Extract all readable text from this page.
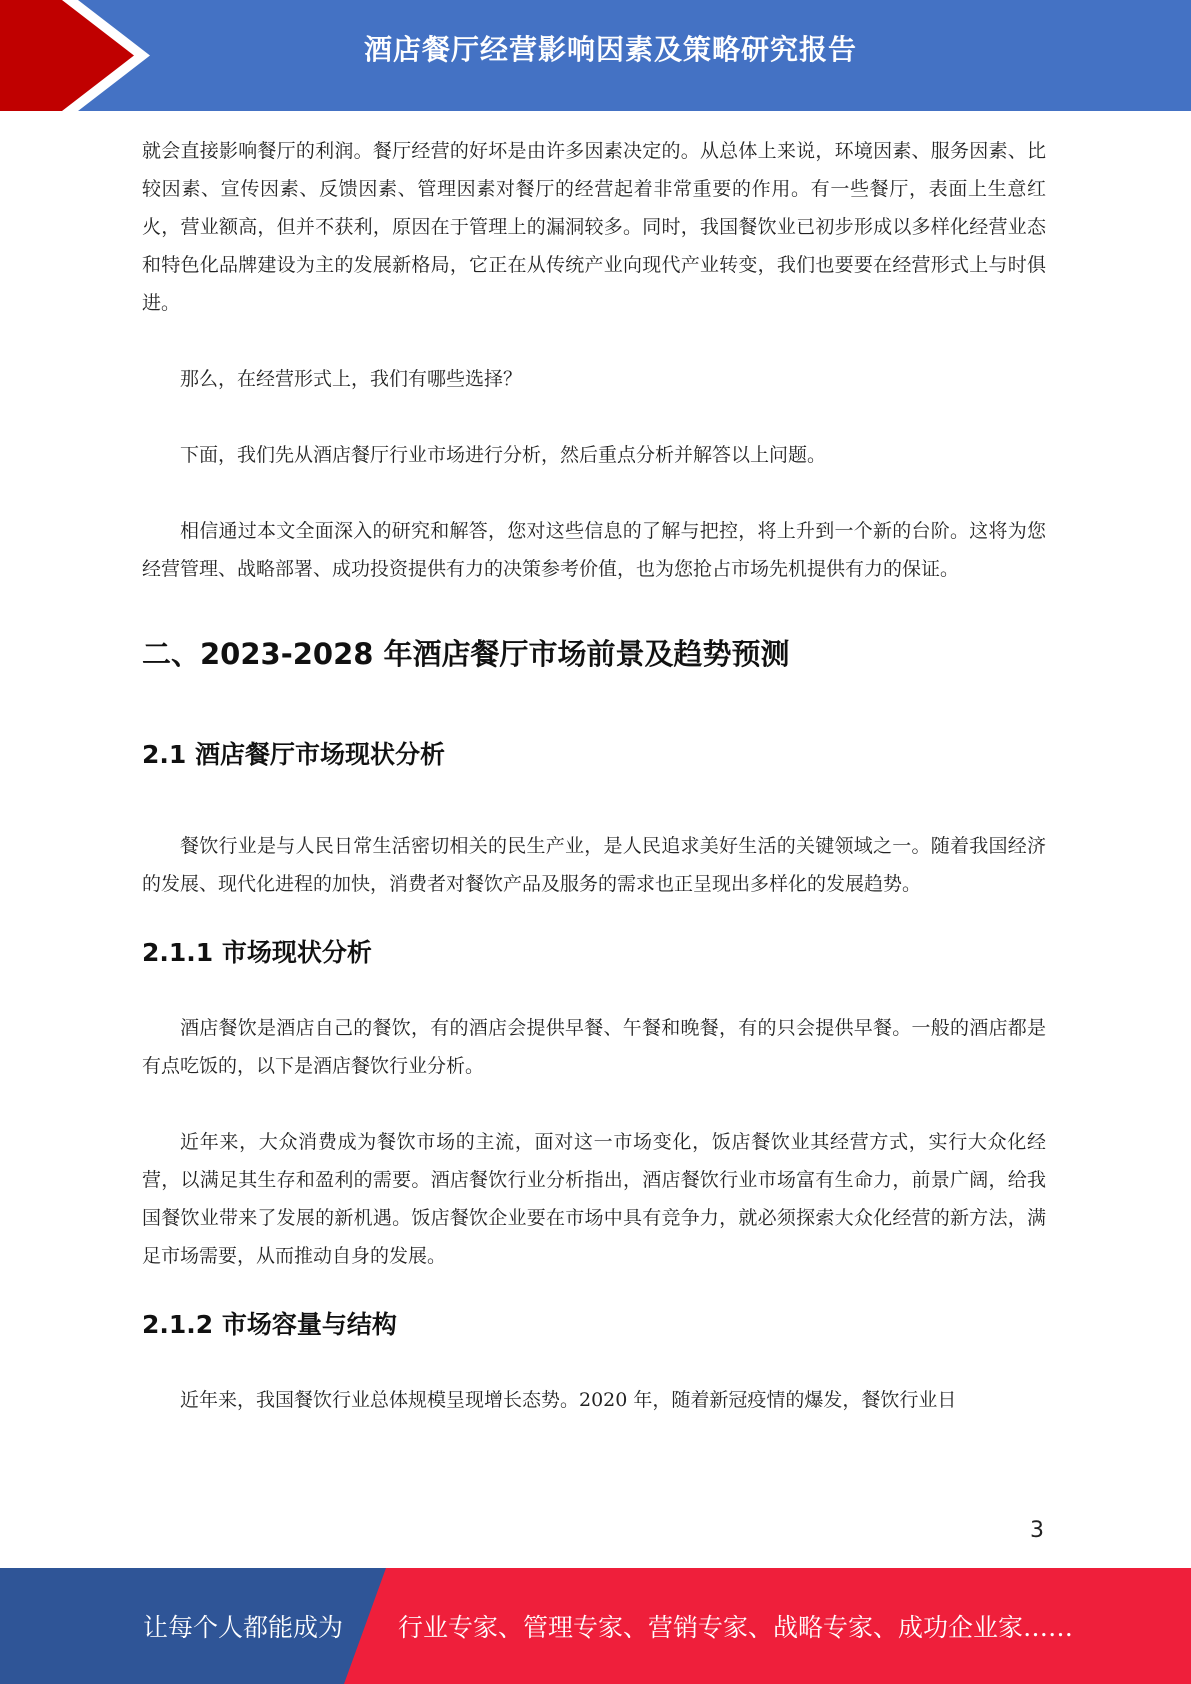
酒店餐厅经营影响因素及策略研究报告

就会直接影响餐厅的利润。餐厅经营的好坏是由许多因素决定的。从总体上来说，环境因素、服务因素、比较因素、宣传因素、反馈因素、管理因素对餐厅的经营起着非常重要的作用。有一些餐厅，表面上生意红火，营业额高，但并不获利，原因在于管理上的漏洞较多。同时，我国餐饮业已初步形成以多样化经营业态和特色化品牌建设为主的发展新格局，它正在从传统产业向现代产业转变，我们也要要在经营形式上与时俱进。

那么，在经营形式上，我们有哪些选择？

下面，我们先从酒店餐厅行业市场进行分析，然后重点分析并解答以上问题。

相信通过本文全面深入的研究和解答，您对这些信息的了解与把控，将上升到一个新的台阶。这将为您经营管理、战略部署、成功投资提供有力的决策参考价值，也为您抢占市场先机提供有力的保证。

二、2023-2028 年酒店餐厅市场前景及趋势预测
2.1 酒店餐厅市场现状分析

餐饮行业是与人民日常生活密切相关的民生产业，是人民追求美好生活的关键领域之一。随着我国经济的发展、现代化进程的加快，消费者对餐饮产品及服务的需求也正呈现出多样化的发展趋势。

2.1.1 市场现状分析

酒店餐饮是酒店自己的餐饮，有的酒店会提供早餐、午餐和晚餐，有的只会提供早餐。一般的酒店都是有点吃饭的，以下是酒店餐饮行业分析。

近年来，大众消费成为餐饮市场的主流，面对这一市场变化，饭店餐饮业其经营方式，实行大众化经营，以满足其生存和盈利的需要。酒店餐饮行业分析指出，酒店餐饮行业市场富有生命力，前景广阔，给我国餐饮业带来了发展的新机遇。饭店餐饮企业要在市场中具有竞争力，就必须探索大众化经营的新方法，满足市场需要，从而推动自身的发展。

2.1.2 市场容量与结构

近年来，我国餐饮行业总体规模呈现增长态势。2020 年，随着新冠疫情的爆发，餐饮行业日

3
让每个人都能成为 行业专家、管理专家、营销专家、战略专家、成功企业家……
